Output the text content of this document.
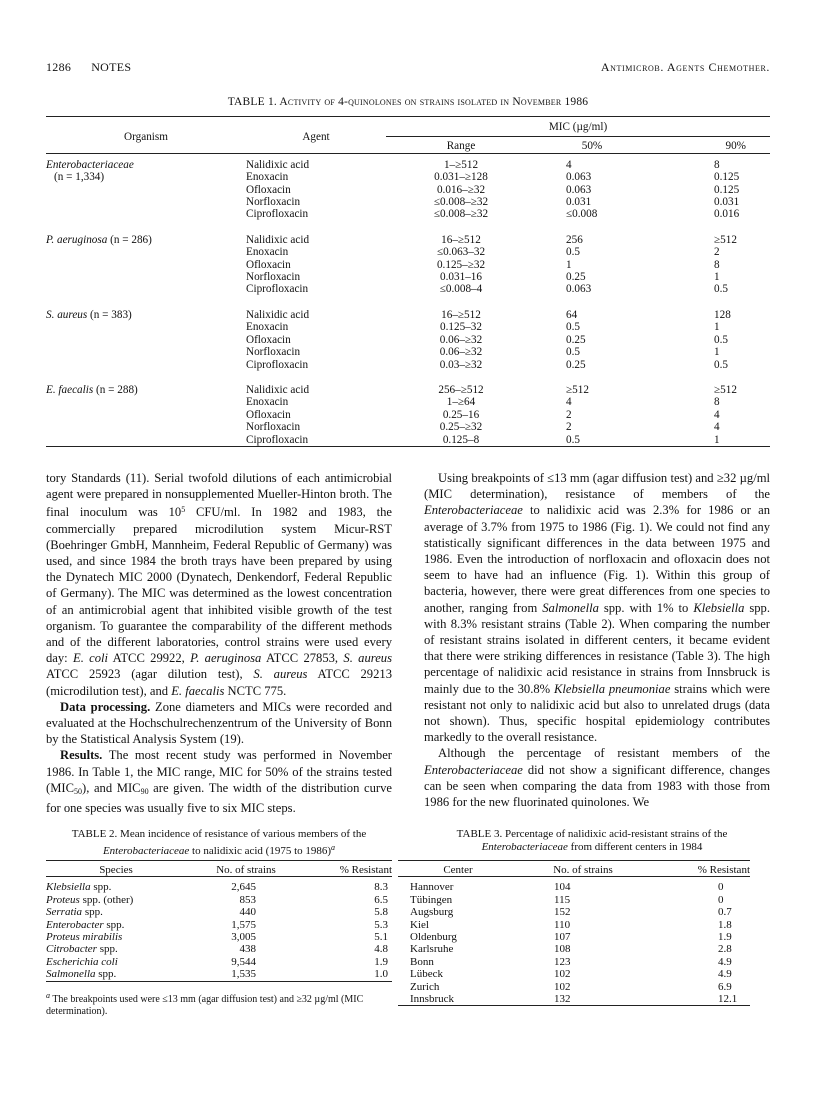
1286 NOTES	Antimicrob. Agents Chemother.
TABLE 1. Activity of 4-quinolones on strains isolated in November 1986

Organism	Agent	MIC (µg/ml)		
		Range	50%	90%

Enterobacteriaceae	Nalidixic acid	1–≥512	4	8
(n = 1,334)	Enoxacin	0.031–≥128	0.063	0.125
	Ofloxacin	0.016–≥32	0.063	0.125
	Norfloxacin	≤0.008–≥32	0.031	0.031
	Ciprofloxacin	≤0.008–≥32	≤0.008	0.016

P. aeruginosa (n = 286)	Nalidixic acid	16–≥512	256	≥512
	Enoxacin	≤0.063–32	0.5	2
	Ofloxacin	0.125–≥32	1	8
	Norfloxacin	0.031–16	0.25	1
	Ciprofloxacin	≤0.008–4	0.063	0.5

S. aureus (n = 383)	Nalixidic acid	16–≥512	64	128
	Enoxacin	0.125–32	0.5	1
	Ofloxacin	0.06–≥32	0.25	0.5
	Norfloxacin	0.06–≥32	0.5	1
	Ciprofloxacin	0.03–≥32	0.25	0.5

E. faecalis (n = 288)	Nalidixic acid	256–≥512	≥512	≥512
	Enoxacin	1–≥64	4	8
	Ofloxacin	0.25–16	2	4
	Norfloxacin	0.25–≥32	2	4
	Ciprofloxacin	0.125–8	0.5	1

tory Standards (11). Serial twofold dilutions of each antimicrobial agent were prepared in nonsupplemented Mueller-Hinton broth. The final inoculum was $10^5$ CFU/ml. In 1982 and 1983, the commercially prepared microdilution system Micur-RST (Boehringer GmbH, Mannheim, Federal Republic of Germany) was used, and since 1984 the broth trays have been prepared by using the Dynatech MIC 2000 (Dynatech, Denkendorf, Federal Republic of Germany). The MIC was determined as the lowest concentration of an antimicrobial agent that inhibited visible growth of the test organism. To guarantee the comparability of the different methods and of the different laboratories, control strains were used every day: E. coli ATCC 29922, P. aeruginosa ATCC 27853, S. aureus ATCC 25923 (agar dilution test), S. aureus ATCC 29213 (microdilution test), and E. faecalis NCTC 775.

Data processing. Zone diameters and MICs were recorded and evaluated at the Hochschulrechenzentrum of the University of Bonn by the Statistical Analysis System (19).

Results. The most recent study was performed in November 1986. In Table 1, the MIC range, MIC for 50% of the strains tested $(MIC_{50})$, and $MIC_{90}$ are given. The width of the distribution curve for one species was usually five to six MIC steps.

Using breakpoints of ≤13 mm (agar diffusion test) and ≥32 µg/ml (MIC determination), resistance of members of the Enterobacteriaceae to nalidixic acid was 2.3% for 1986 or an average of 3.7% from 1975 to 1986 (Fig. 1). We could not find any statistically significant differences in the data between 1975 and 1986. Even the introduction of norfloxacin and ofloxacin does not seem to have had an influence (Fig. 1). Within this group of bacteria, however, there were great differences from one species to another, ranging from Salmonella spp. with 1% to Klebsiella spp. with 8.3% resistant strains (Table 2). When comparing the number of resistant strains isolated in different centers, it became evident that there were striking differences in resistance (Table 3). The high percentage of nalidixic acid resistance in strains from Innsbruck is mainly due to the 30.8% Klebsiella pneumoniae strains which were resistant not only to nalidixic acid but also to unrelated drugs (data not shown). Thus, specific hospital epidemiology contributes markedly to the overall resistance.

Although the percentage of resistant members of the Enterobacteriaceae did not show a significant difference, changes can be seen when comparing the data from 1983 with those from 1986 for the new fluorinated quinolones. We

TABLE 2. Mean incidence of resistance of various members of the Enterobacteriaceae to nalidixic acid (1975 to 1986)$^a$

Species	No. of strains	% Resistant

Klebsiella spp.	2,645	8.3
Proteus spp. (other)	853	6.5
Serratia spp.	440	5.8
Enterobacter spp.	1,575	5.3
Proteus mirabilis	3,005	5.1
Citrobacter spp.	438	4.8
Escherichia coli	9,544	1.9
Salmonella spp.	1,535	1.0

$^a$ The breakpoints used were ≤13 mm (agar diffusion test) and ≥32 µg/ml (MIC determination).
TABLE 3. Percentage of nalidixic acid-resistant strains of the Enterobacteriaceae from different centers in 1984

Center	No. of strains	% Resistant

Hannover	104	0
Tübingen	115	0
Augsburg	152	0.7
Kiel	110	1.8
Oldenburg	107	1.9
Karlsruhe	108	2.8
Bonn	123	4.9
Lübeck	102	4.9
Zurich	102	6.9
Innsbruck	132	12.1
